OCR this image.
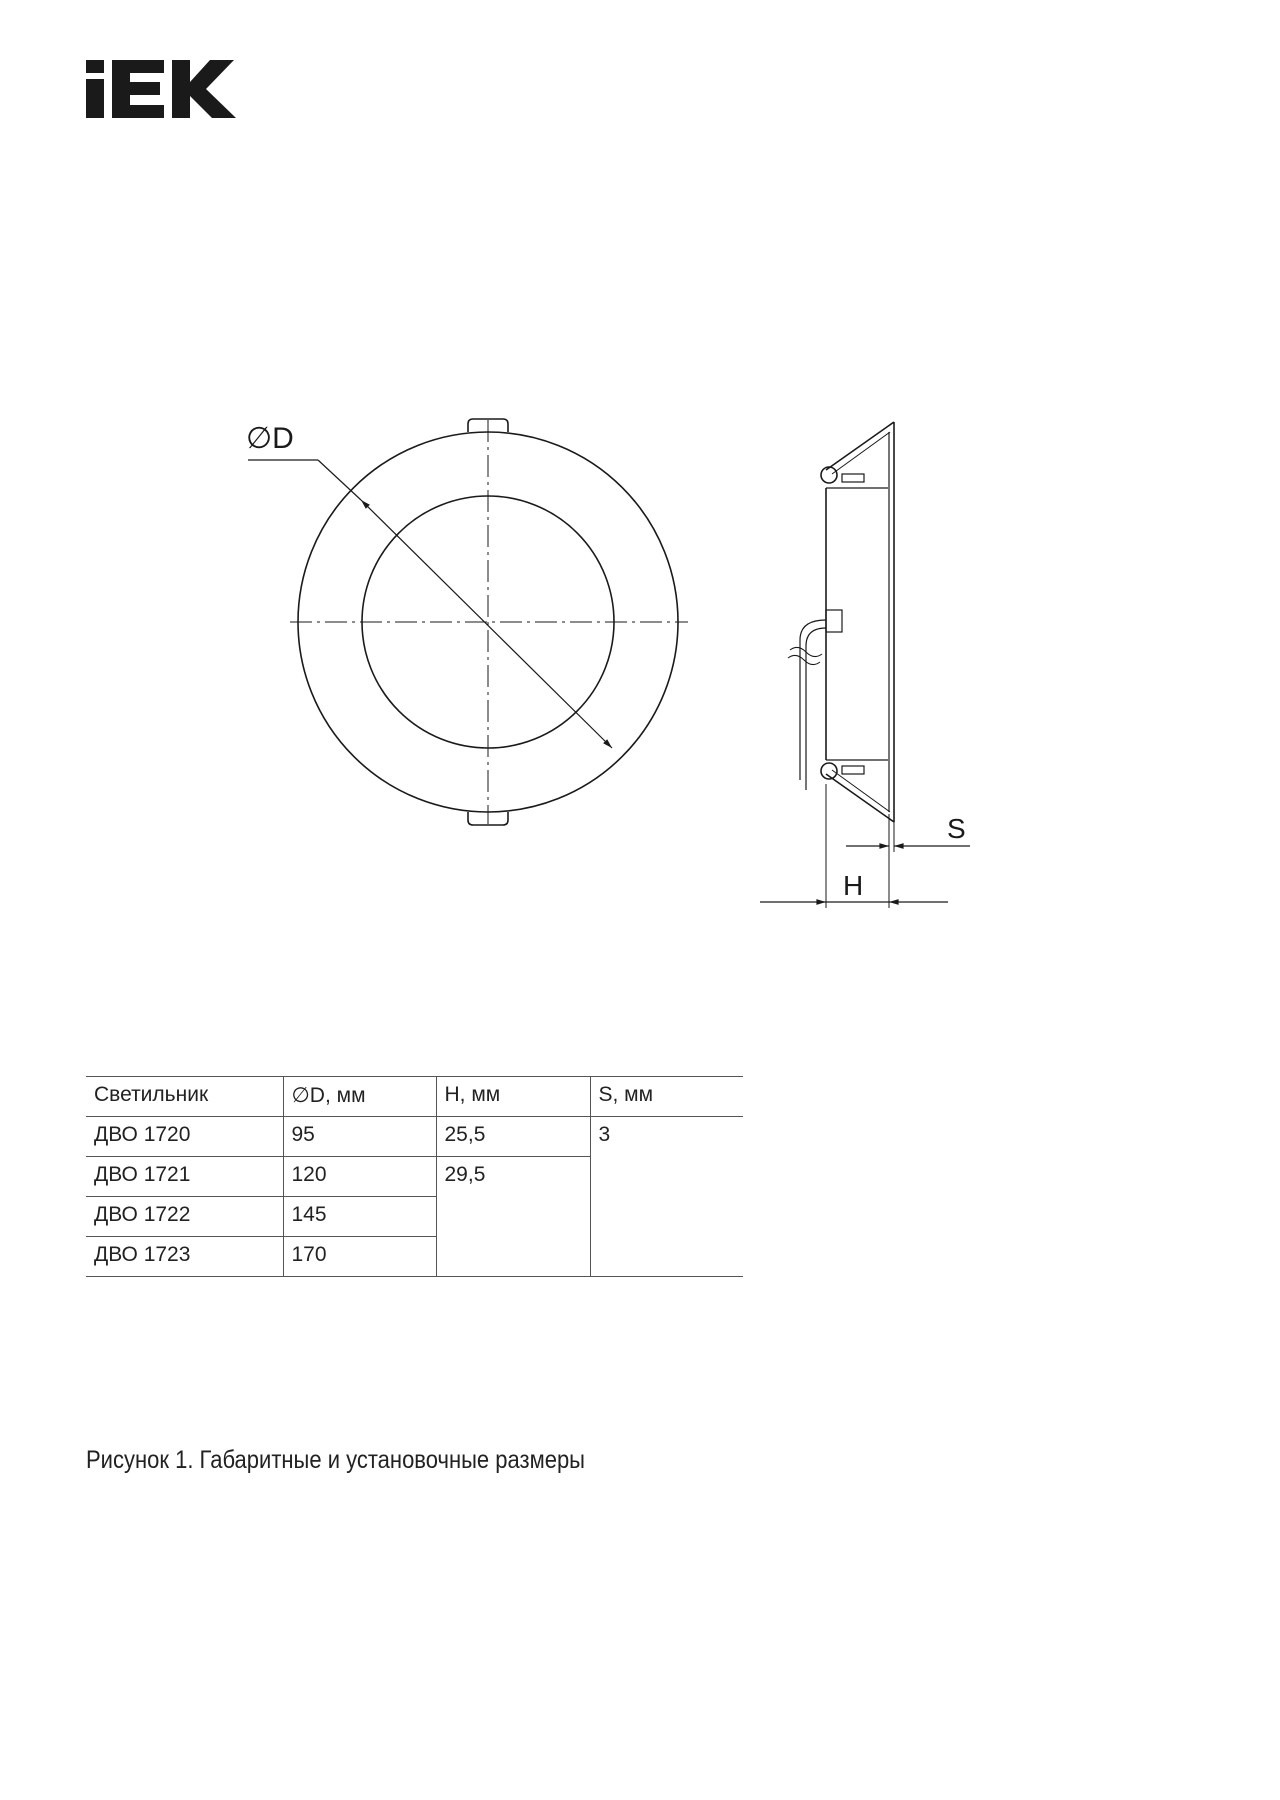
∅D
S
H
Светильник	∅D, мм	H, мм	S, мм
ДВО 1720	95	25,5	3
ДВО 1721	120	29,5	
ДВО 1722	145		
ДВО 1723	170		
Рисунок 1. Габаритные и установочные размеры
